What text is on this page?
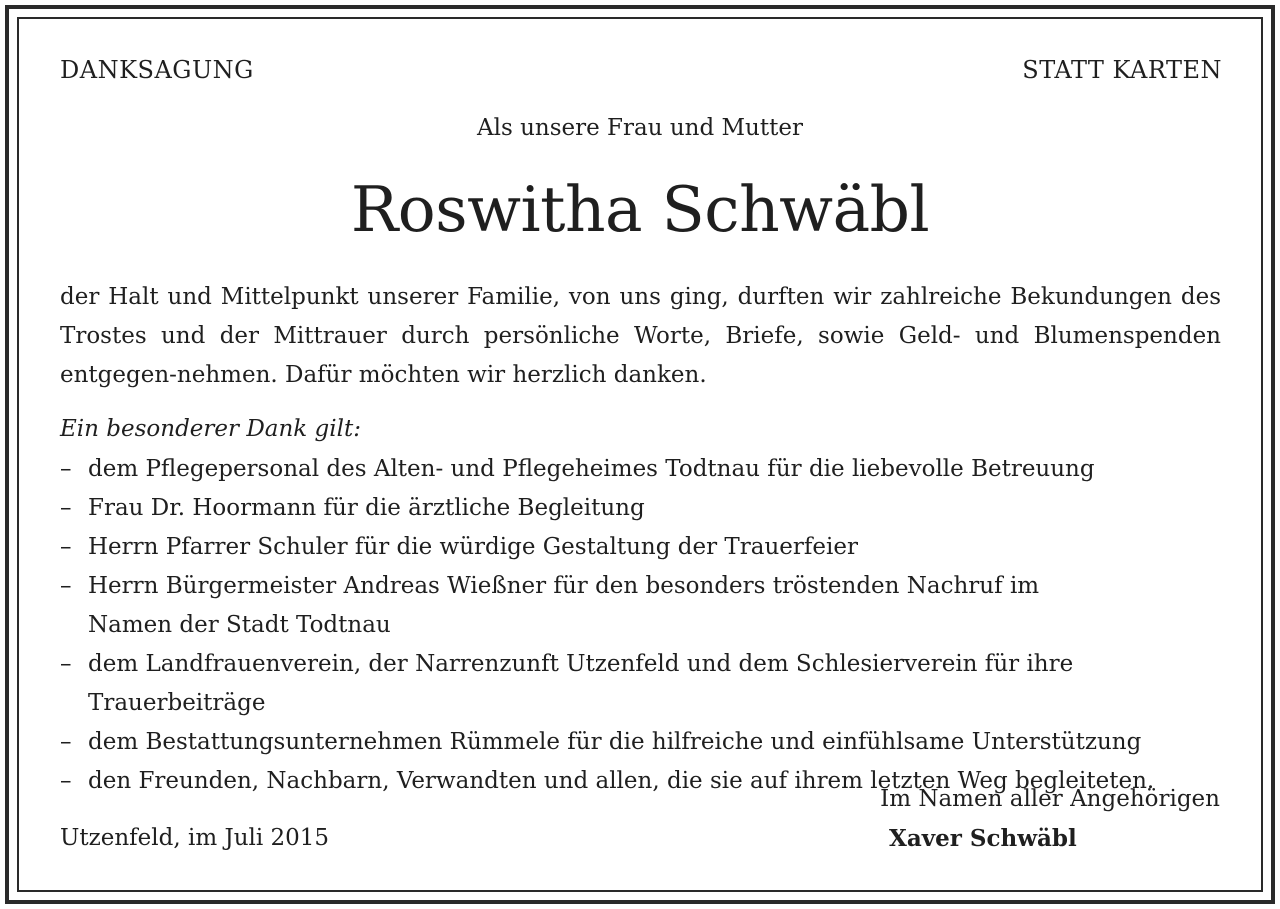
DANKSAGUNG	STATT KARTEN
Als unsere Frau und Mutter
Roswitha Schwäbl
der Halt und Mittelpunkt unserer Familie, von uns ging, durften wir zahlreiche Bekundungen des Trostes und der Mittrauer durch persönliche Worte, Briefe, sowie Geld- und Blumenspenden entgegen-nehmen. Dafür möchten wir herzlich danken.
Ein besonderer Dank gilt:
– dem Pflegepersonal des Alten- und Pflegeheimes Todtnau für die liebevolle Betreuung
– Frau Dr. Hoormann für die ärztliche Begleitung
– Herrn Pfarrer Schuler für die würdige Gestaltung der Trauerfeier
– Herrn Bürgermeister Andreas Wießner für den besonders tröstenden Nachruf im Namen der Stadt Todtnau
– dem Landfrauenverein, der Narrenzunft Utzenfeld und dem Schlesierverein für ihre Trauerbeiträge
– dem Bestattungsunternehmen Rümmele für die hilfreiche und einfühlsame Unterstützung
– den Freunden, Nachbarn, Verwandten und allen, die sie auf ihrem letzten Weg begleiteten.
Im Namen aller Angehörigen
Utzenfeld, im Juli 2015	Xaver Schwäbl
